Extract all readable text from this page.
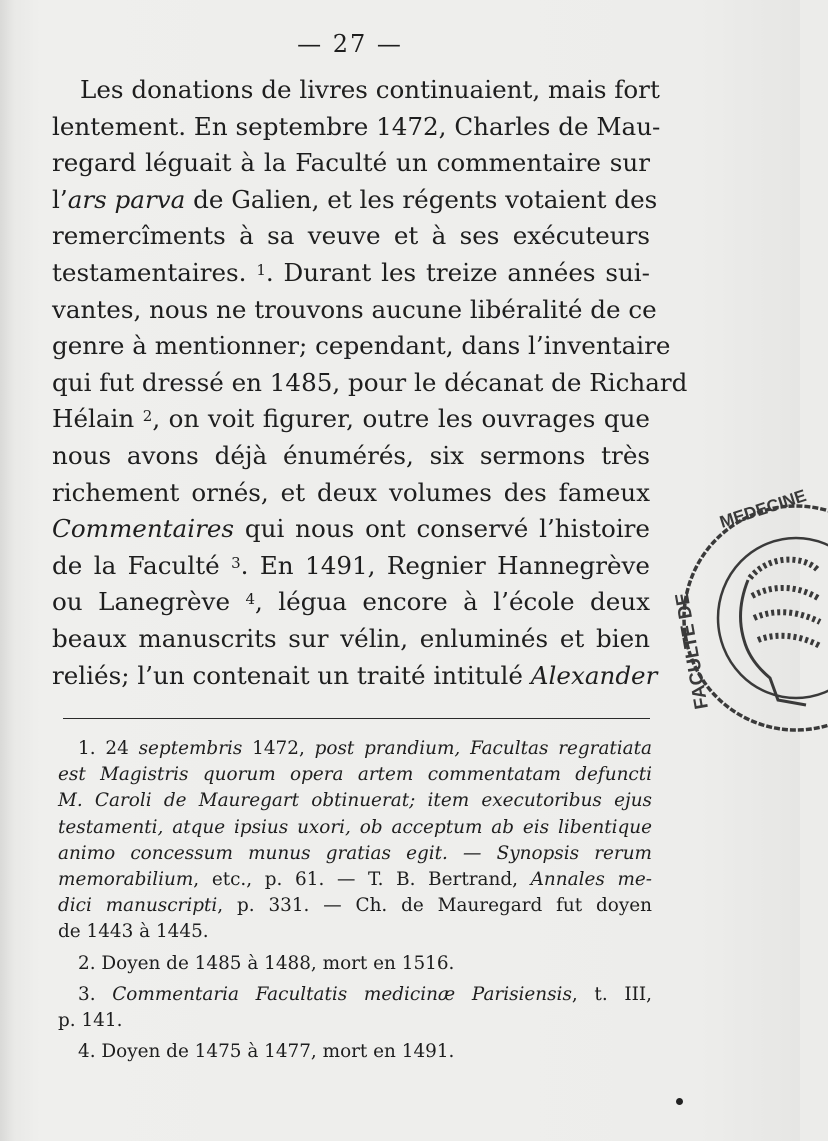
— 27 —
Les donations de livres continuaient, mais fort
lentement. En septembre 1472, Charles de Mau-
regard léguait à la Faculté un commentaire sur
l’ars parva de Galien, et les régents votaient des
remercîments à sa veuve et à ses exécuteurs
testamentaires. $^1$. Durant les treize années sui-
vantes, nous ne trouvons aucune libéralité de ce
genre à mentionner; cependant, dans l’inventaire
qui fut dressé en 1485, pour le décanat de Richard
Hélain $^2$, on voit figurer, outre les ouvrages que
nous avons déjà énumérés, six sermons très
richement ornés, et deux volumes des fameux
Commentaires qui nous ont conservé l’histoire
de la Faculté $^3$. En 1491, Regnier Hannegrève
ou Lanegrève $^4$, légua encore à l’école deux
beaux manuscrits sur vélin, enluminés et bien
reliés; l’un contenait un traité intitulé Alexander
1. 24 septembris 1472, post prandium, Facultas regratiata
est Magistris quorum opera artem commentatam defuncti
M. Caroli de Mauregart obtinuerat; item executoribus ejus
testamenti, atque ipsius uxori, ob acceptum ab eis libentique
animo concessum munus gratias egit. — Synopsis rerum
memorabilium, etc., p. 61. — T. B. Bertrand, Annales me-
dici manuscripti, p. 331. — Ch. de Mauregard fut doyen
de 1443 à 1445.
2. Doyen de 1485 à 1488, mort en 1516.
3. Commentaria Facultatis medicinæ Parisiensis, t. III,
p. 141.
4. Doyen de 1475 à 1477, mort en 1491.
FACULTE DE
MEDECINE
